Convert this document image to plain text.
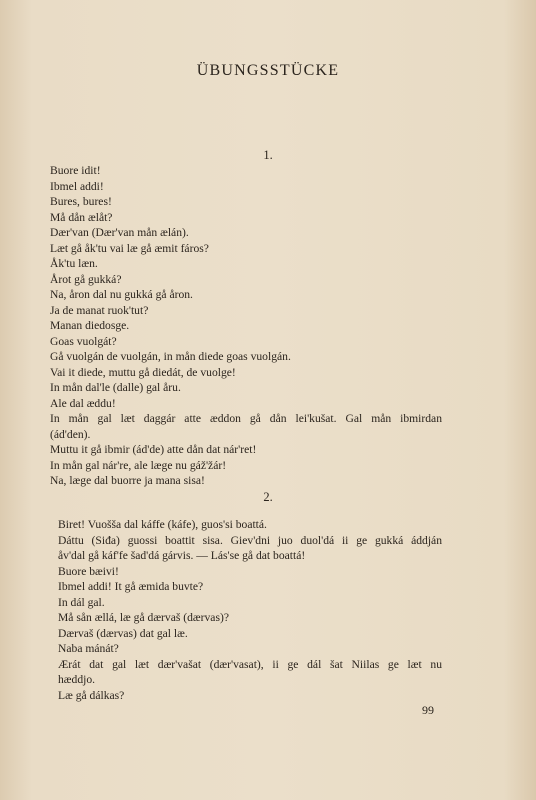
ÜBUNGSSTÜCKE
1.
Buore idit!
Ibmel addi!
Bures, bures!
Må dån ælåt?
Dær'van (Dær'van mån ælán).
Læt gå åk'tu vai læ gå æmit fáros?
Åk'tu læn.
Årot gå gukká?
Na, åron dal nu gukká gå åron.
Ja de manat ruok'tut?
Manan diedosge.
Goas vuolgát?
Gå vuolgán de vuolgán, in mån diede goas vuolgán.
Vai it diede, muttu gå diedát, de vuolge!
In mån dal'le (dalle) gal åru.
Ale dal æddu!
In mån gal læt daggár atte æddon gå dån lei'kušat. Gal mån ibmirdan
(ád'den).
Muttu it gå ibmir (ád'de) atte dån dat nár'ret!
In mån gal nár're, ale læge nu gáž'žár!
Na, læge dal buorre ja mana sisa!
2.
Biret! Vuošša dal káffe (káfe), guos'si boattá.
Dáttu (Siđa) guossi boattit sisa. Giev'dni juo duol'dá ii ge gukká áddján
åv'dal gå káf'fe šad'dá gárvis. — Lás'se gå dat boattá!
Buore bæivi!
Ibmel addi! It gå æmida buvte?
In dál gal.
Må sån ællá, læ gå dærvaš (dærvas)?
Dærvaš (dærvas) dat gal læ.
Naba mánát?
Ærát dat gal læt dær'vašat (dær'vasat), ii ge dál šat Niilas ge læt nu
hæddjo.
Læ gå dálkas?
99
